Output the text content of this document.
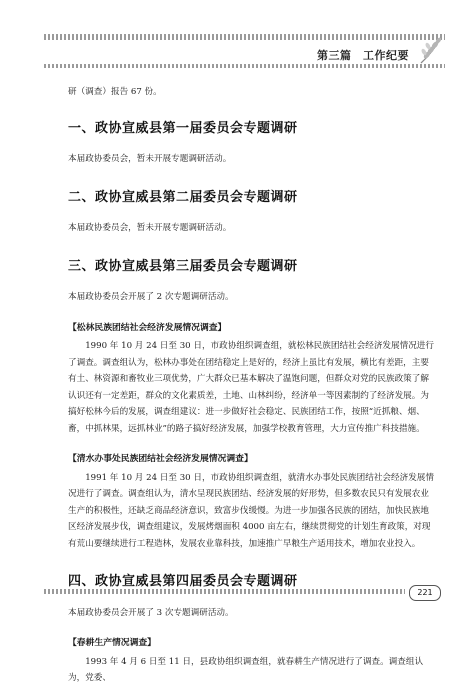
第三篇　工作纪要

研（调查）报告 67 份。

一、政协宣威县第一届委员会专题调研

本届政协委员会，暂未开展专题调研活动。

二、政协宣威县第二届委员会专题调研

本届政协委员会，暂未开展专题调研活动。

三、政协宣威县第三届委员会专题调研

本届政协委员会开展了 2 次专题调研活动。

【松林民族团结社会经济发展情况调查】

1990 年 10 月 24 日至 30 日，市政协组织调查组，就松林民族团结社会经济发展情况进行了调查。调查组认为，松林办事处在团结稳定上是好的，经济上虽比有发展，横比有差距，主要有土、林资源和畜牧业三项优势，广大群众已基本解决了温饱问题，但群众对党的民族政策了解认识还有一定差距，群众的文化素质差，土地、山林纠纷，经济单一等因素制约了经济发展。为搞好松林今后的发展，调查组建议：进一步做好社会稳定、民族团结工作，按照“近抓粮、烟、畜，中抓林果，远抓林业”的路子搞好经济发展，加强学校教育管理，大力宣传推广科技措施。

【清水办事处民族团结社会经济发展情况调查】

1991 年 10 月 24 日至 30 日，市政协组织调查组，就清水办事处民族团结社会经济发展情况进行了调查。调查组认为，清水呈现民族团结、经济发展的好形势，但多数农民只有发展农业生产的积极性，还缺乏商品经济意识，致富步伐缓慢。为进一步加强各民族的团结，加快民族地区经济发展步伐，调查组建议，发展烤烟面积 4000 亩左右，继续贯彻党的计划生育政策，对现有荒山要继续进行工程造林，发展农业靠科技，加速推广早粮生产适用技术，增加农业投入。

四、政协宣威县第四届委员会专题调研

本届政协委员会开展了 3 次专题调研活动。

【春耕生产情况调查】

1993 年 4 月 6 日至 11 日，县政协组织调查组，就春耕生产情况进行了调查。调查组认为，党委、

221
